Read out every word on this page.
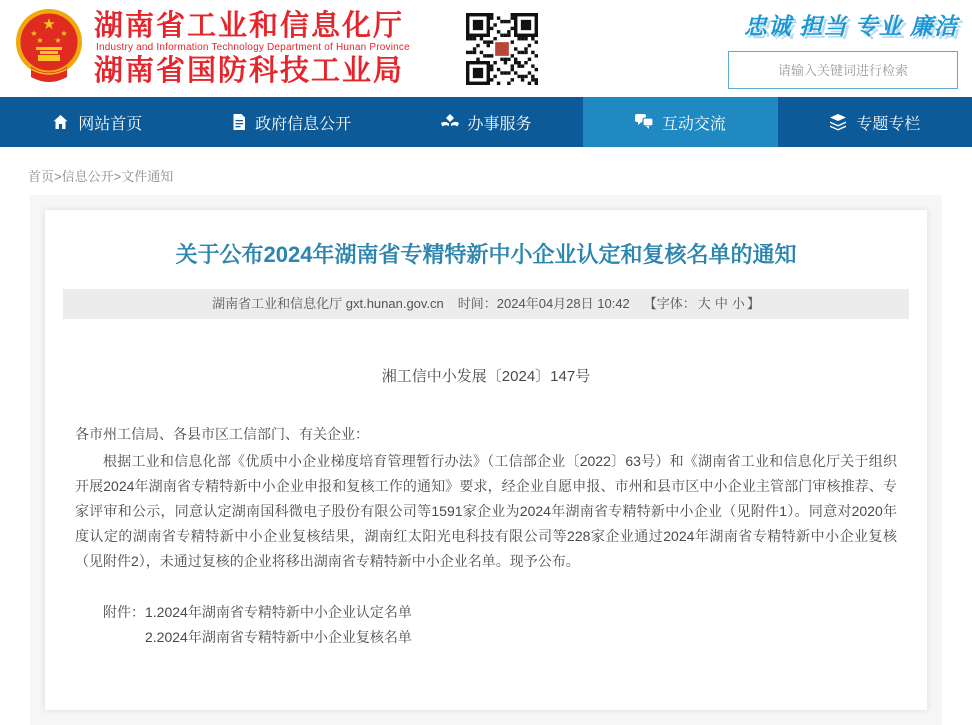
★
★	★
★ ★ 湖南省工业和信息化厅
Industry and Information Technology Department of Hunan Province
湖南省国防科技工业局
忠诚 担当 专业 廉洁
请输入关键词进行检索
网站首页	政府信息公开	办事服务	互动交流	专题专栏
首页>信息公开>文件通知
关于公布2024年湖南省专精特新中小企业认定和复核名单的通知
湖南省工业和信息化厅 gxt.hunan.gov.cn 时间：2024年04月28日 10:42 【字体： 大 中 小 】
湘工信中小发展〔2024〕147号
各市州工信局、各县市区工信部门、有关企业：
根据工业和信息化部《优质中小企业梯度培育管理暂行办法》（工信部企业〔2022〕63号）和《湖南省工业和信息化厅关于组织开展2024年湖南省专精特新中小企业申报和复核工作的通知》要求，经企业自愿申报、市州和县市区中小企业主管部门审核推荐、专家评审和公示，同意认定湖南国科微电子股份有限公司等1591家企业为2024年湖南省专精特新中小企业（见附件1）。同意对2020年度认定的湖南省专精特新中小企业复核结果，湖南红太阳光电科技有限公司等228家企业通过2024年湖南省专精特新中小企业复核（见附件2），未通过复核的企业将移出湖南省专精特新中小企业名单。现予公布。
附件： 1.2024年湖南省专精特新中小企业认定名单
2.2024年湖南省专精特新中小企业复核名单
